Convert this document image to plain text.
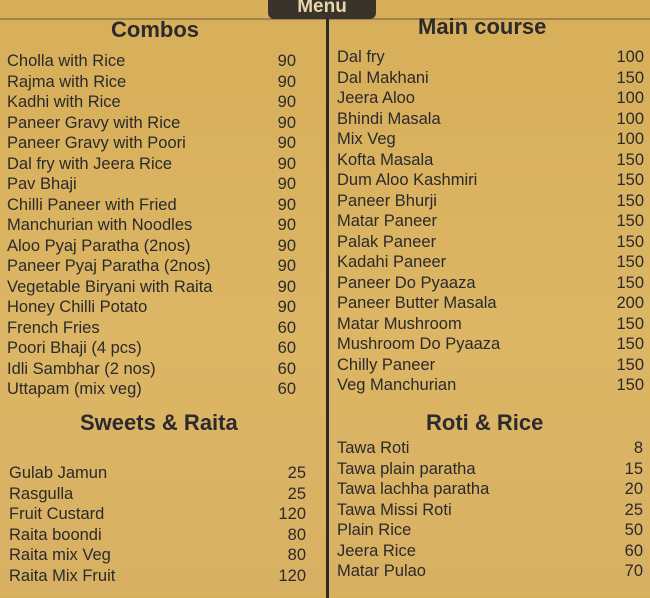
Menu
Combos
Cholla with Rice	90
Rajma with Rice	90
Kadhi with Rice	90
Paneer Gravy with Rice	90
Paneer Gravy with Poori	90
Dal fry with Jeera Rice	90
Pav Bhaji	90
Chilli Paneer with Fried	90
Manchurian with Noodles	90
Aloo Pyaj Paratha (2nos)	90
Paneer Pyaj Paratha (2nos)	90
Vegetable Biryani with Raita	90
Honey Chilli Potato	90
French Fries	60
Poori Bhaji (4 pcs)	60
Idli Sambhar (2 nos)	60
Uttapam (mix veg)	60
Sweets & Raita
Gulab Jamun	25
Rasgulla	25
Fruit Custard	120
Raita boondi	80
Raita mix Veg	80
Raita Mix Fruit	120
Main course
Dal fry	100
Dal Makhani	150
Jeera Aloo	100
Bhindi Masala	100
Mix Veg	100
Kofta Masala	150
Dum Aloo Kashmiri	150
Paneer Bhurji	150
Matar Paneer	150
Palak Paneer	150
Kadahi Paneer	150
Paneer Do Pyaaza	150
Paneer Butter Masala	200
Matar Mushroom	150
Mushroom Do Pyaaza	150
Chilly Paneer	150
Veg Manchurian	150
Roti & Rice
Tawa Roti	8
Tawa plain paratha	15
Tawa lachha paratha	20
Tawa Missi Roti	25
Plain Rice	50
Jeera Rice	60
Matar Pulao	70
